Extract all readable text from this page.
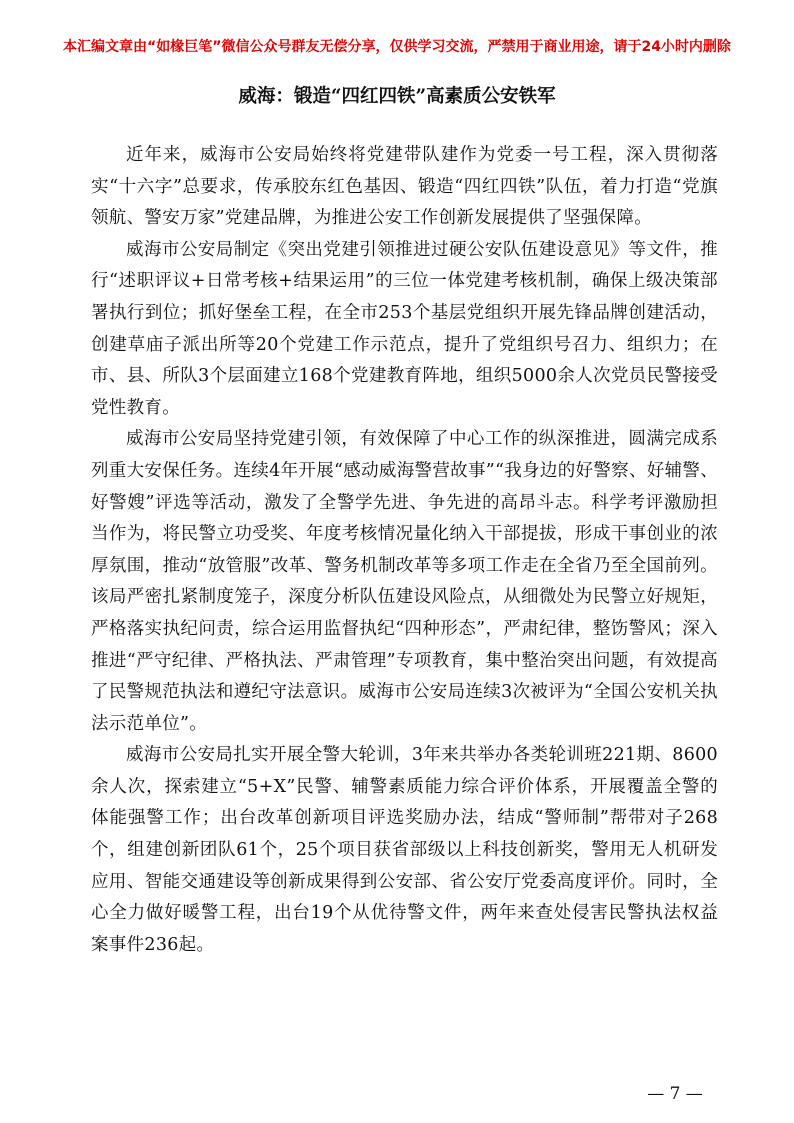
本汇编文章由“如椽巨笔”微信公众号群友无偿分享，仅供学习交流，严禁用于商业用途，请于24小时内删除
威海：锻造“四红四铁”高素质公安铁军

近年来，威海市公安局始终将党建带队建作为党委一号工程，深入贯彻落实“十六字”总要求，传承胶东红色基因、锻造“四红四铁”队伍，着力打造“党旗领航、警安万家”党建品牌，为推进公安工作创新发展提供了坚强保障。

威海市公安局制定《突出党建引领推进过硬公安队伍建设意见》等文件，推行“述职评议+日常考核+结果运用”的三位一体党建考核机制，确保上级决策部署执行到位；抓好堡垒工程，在全市253个基层党组织开展先锋品牌创建活动，创建草庙子派出所等20个党建工作示范点，提升了党组织号召力、组织力；在市、县、所队3个层面建立168个党建教育阵地，组织5000余人次党员民警接受党性教育。

威海市公安局坚持党建引领，有效保障了中心工作的纵深推进，圆满完成系列重大安保任务。连续4年开展“感动威海警营故事”“我身边的好警察、好辅警、好警嫂”评选等活动，激发了全警学先进、争先进的高昂斗志。科学考评激励担当作为，将民警立功受奖、年度考核情况量化纳入干部提拔，形成干事创业的浓厚氛围，推动“放管服”改革、警务机制改革等多项工作走在全省乃至全国前列。该局严密扎紧制度笼子，深度分析队伍建设风险点，从细微处为民警立好规矩，严格落实执纪问责，综合运用监督执纪“四种形态”，严肃纪律，整饬警风；深入推进“严守纪律、严格执法、严肃管理”专项教育，集中整治突出问题，有效提高了民警规范执法和遵纪守法意识。威海市公安局连续3次被评为“全国公安机关执法示范单位”。

威海市公安局扎实开展全警大轮训，3年来共举办各类轮训班221期、8600余人次，探索建立“5+X”民警、辅警素质能力综合评价体系，开展覆盖全警的体能强警工作；出台改革创新项目评选奖励办法，结成“警师制”帮带对子268个，组建创新团队61个，25个项目获省部级以上科技创新奖，警用无人机研发应用、智能交通建设等创新成果得到公安部、省公安厅党委高度评价。同时，全心全力做好暖警工程，出台19个从优待警文件，两年来查处侵害民警执法权益案事件236起。

— 7 —
